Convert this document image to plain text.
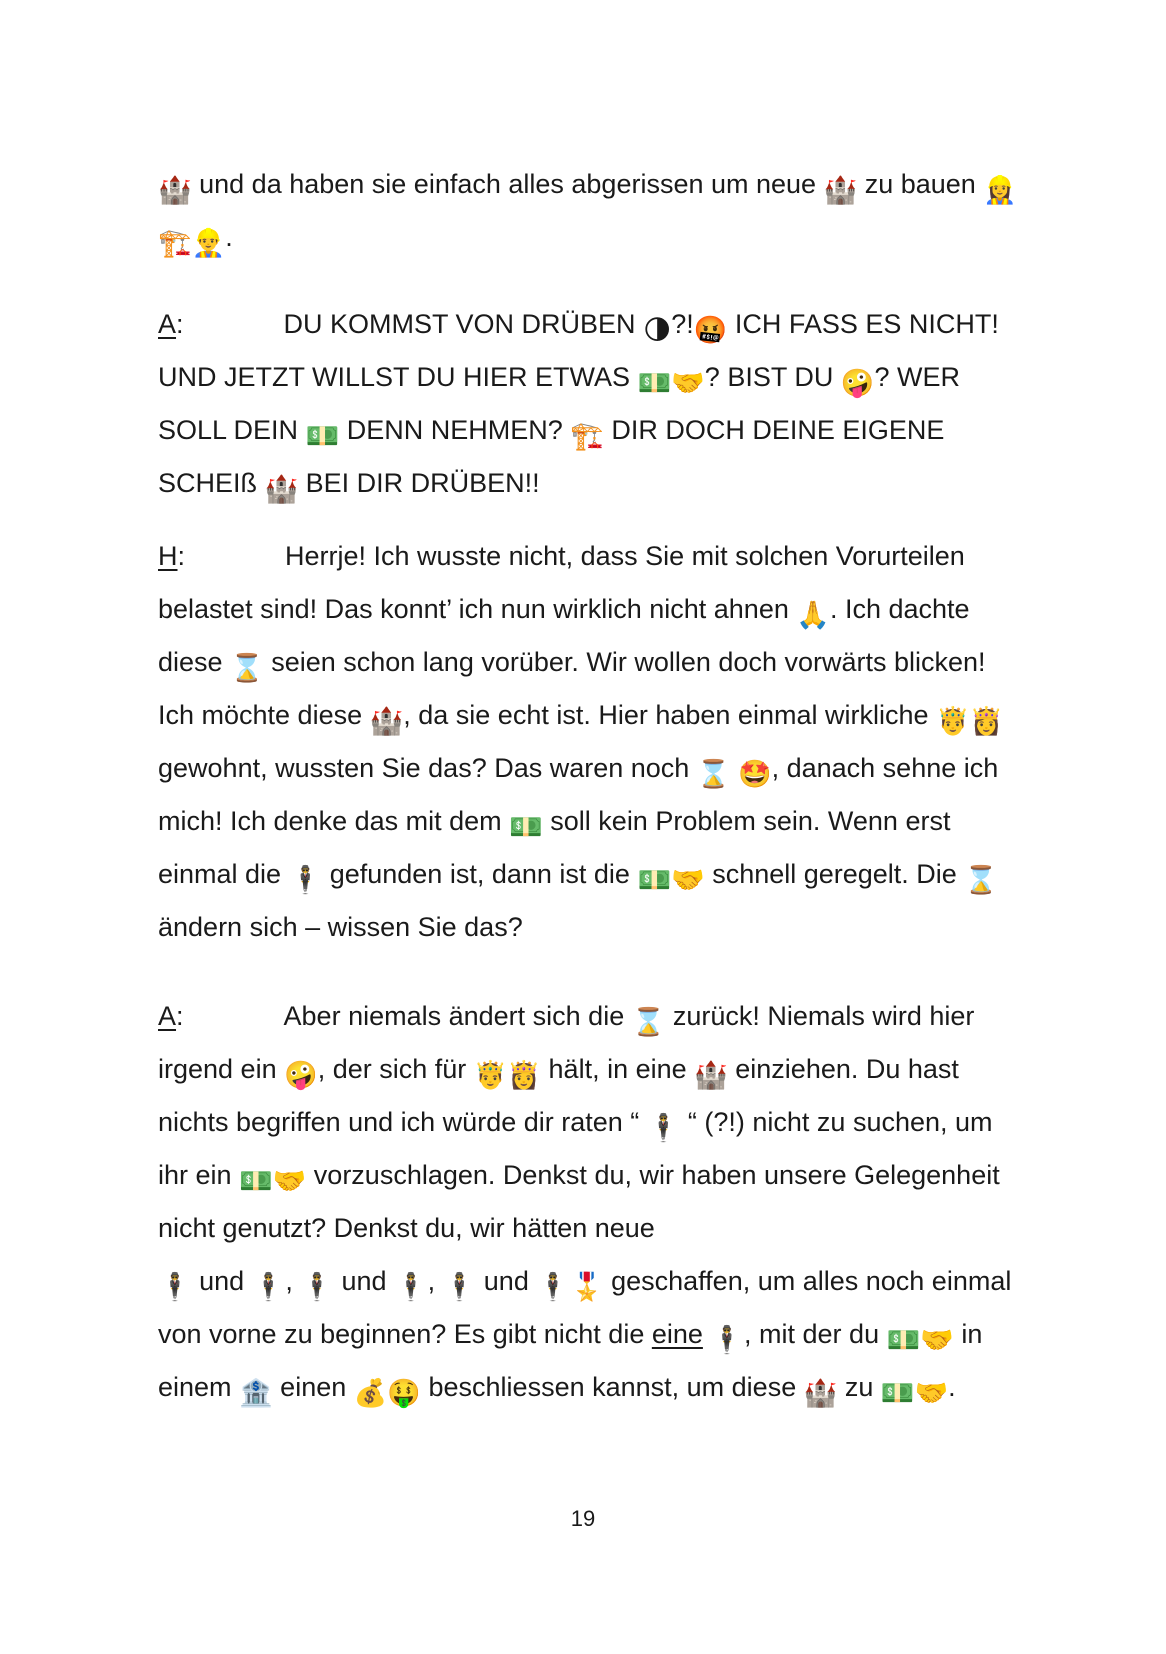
🏰 und da haben sie einfach alles abgerissen um neue 🏰 zu bauen 👷‍♀️🏗️👷‍♂️.

A:	DU KOMMST VON DRÜBEN 🌗?!🤬 ICH FASS ES NICHT! UND JETZT WILLST DU HIER ETWAS 💵🤝? BIST DU 🤪? WER SOLL DEIN 💵 DENN NEHMEN? 🏗️ DIR DOCH DEINE EIGENE SCHEIß 🏰 BEI DIR DRÜBEN!!

H:	Herrje! Ich wusste nicht, dass Sie mit solchen Vorurteilen belastet sind! Das konnt’ ich nun wirklich nicht ahnen 🙏. Ich dachte diese ⌛ seien schon lang vorüber. Wir wollen doch vorwärts blicken! Ich möchte diese 🏰, da sie echt ist. Hier haben einmal wirkliche 🤴👸 gewohnt, wussten Sie das? Das waren noch ⌛ 🤩, danach sehne ich mich! Ich denke das mit dem 💵 soll kein Problem sein. Wenn erst einmal die 🕴 gefunden ist, dann ist die 💵🤝 schnell geregelt. Die ⌛ ändern sich – wissen Sie das?

A:	Aber niemals ändert sich die ⌛ zurück! Niemals wird hier irgend ein 🤪, der sich für 🤴👸 hält, in eine 🏰 einziehen. Du hast nichts begriffen und ich würde dir raten “ 🕴 “ (?!) nicht zu suchen, um ihr ein 💵🤝 vorzuschlagen. Denkst du, wir haben unsere Gelegenheit nicht genutzt? Denkst du, wir hätten neue
🕴 und 🕴, 🕴 und 🕴, 🕴 und 🕴🎖️ geschaffen, um alles noch einmal von vorne zu beginnen? Es gibt nicht die eine 🕴, mit der du 💵🤝 in einem 🏦 einen 💰🤑 beschliessen kannst, um diese 🏰 zu 💵🤝.

19
